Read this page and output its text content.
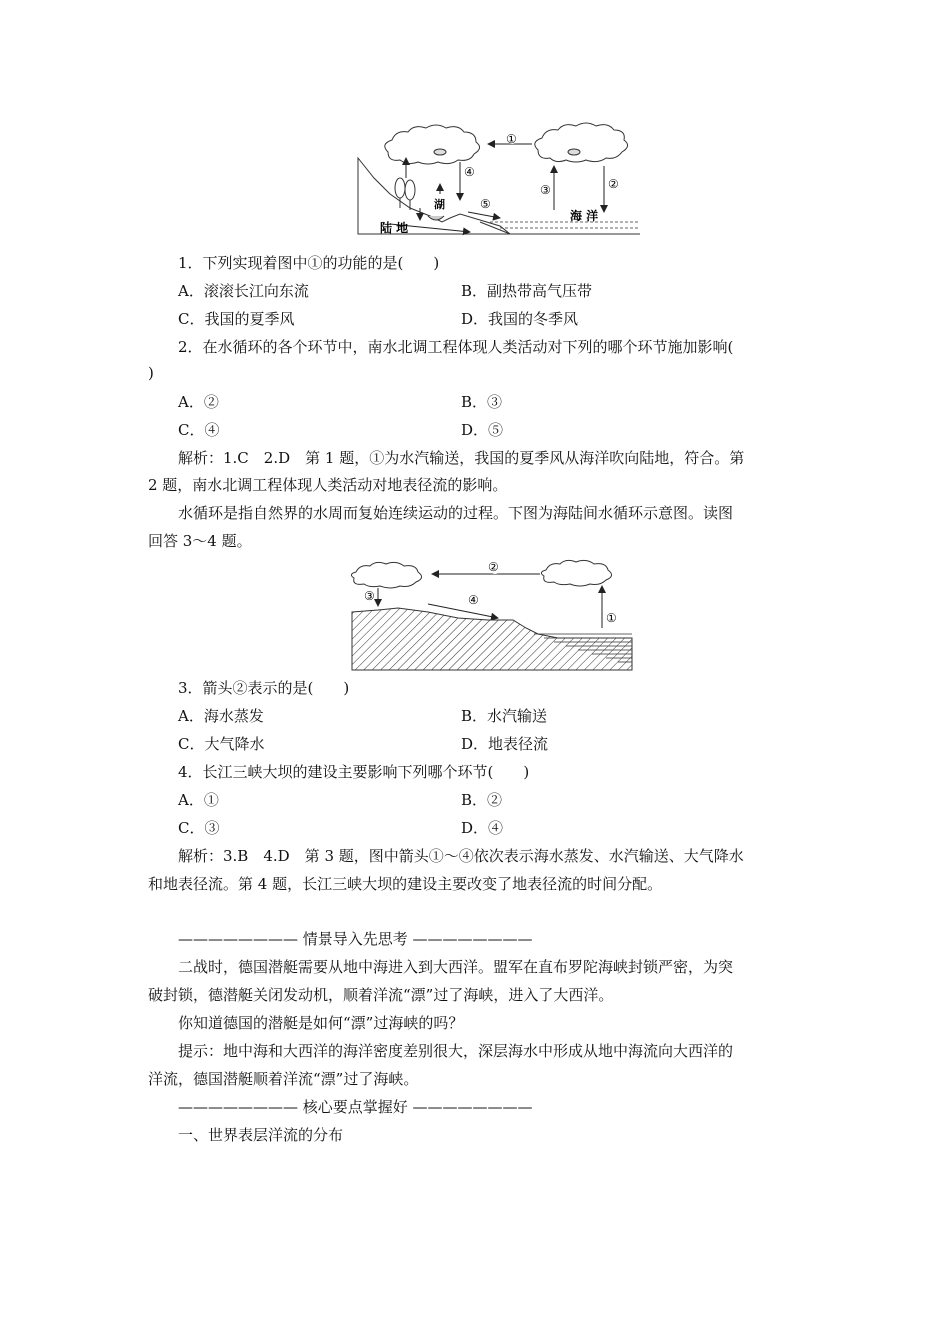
①
湖
④
⑤
③	②
海 洋
陆 地
1．下列实现着图中①的功能的是(　　)
A．滚滚长江向东流	B．副热带高气压带
C．我国的夏季风	D．我国的冬季风
2．在水循环的各个环节中，南水北调工程体现人类活动对下列的哪个环节施加影响(
)
A．②	B．③
C．④	D．⑤
解析：1.C　2.D　第 1 题，①为水汽输送，我国的夏季风从海洋吹向陆地，符合。第
2 题，南水北调工程体现人类活动对地表径流的影响。
水循环是指自然界的水周而复始连续运动的过程。下图为海陆间水循环示意图。读图
回答 3～4 题。
②
③	④
①
3．箭头②表示的是(　　)
A．海水蒸发	B．水汽输送
C．大气降水	D．地表径流
4．长江三峡大坝的建设主要影响下列哪个环节(　　)
A．①	B．②
C．③	D．④
解析：3.B　4.D　第 3 题，图中箭头①～④依次表示海水蒸发、水汽输送、大气降水
和地表径流。第 4 题，长江三峡大坝的建设主要改变了地表径流的时间分配。
———————— 情景导入先思考 ————————
二战时，德国潜艇需要从地中海进入到大西洋。盟军在直布罗陀海峡封锁严密，为突
破封锁，德潜艇关闭发动机，顺着洋流“漂”过了海峡，进入了大西洋。
你知道德国的潜艇是如何“漂”过海峡的吗？
提示：地中海和大西洋的海洋密度差别很大，深层海水中形成从地中海流向大西洋的
洋流，德国潜艇顺着洋流“漂”过了海峡。
———————— 核心要点掌握好 ————————
一、世界表层洋流的分布
